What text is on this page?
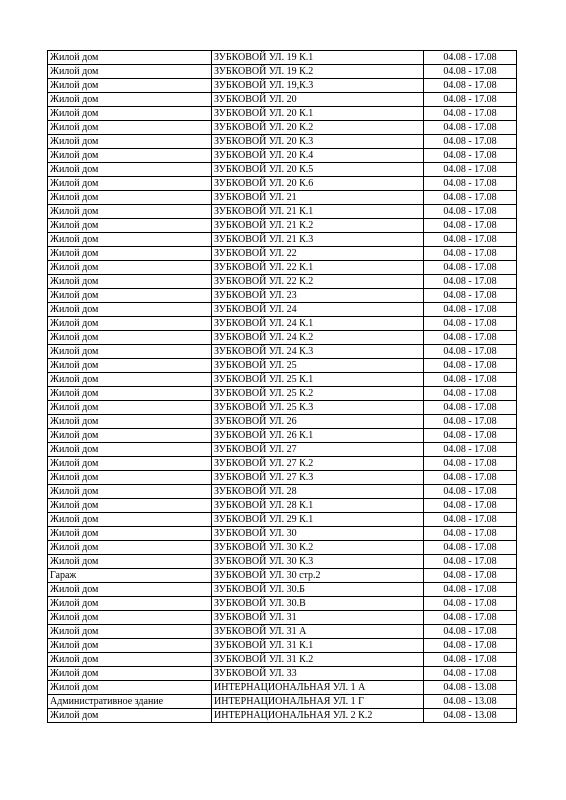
Жилой дом	ЗУБКОВОЙ УЛ. 19 К.1	04.08 - 17.08
Жилой дом	ЗУБКОВОЙ УЛ. 19 К.2	04.08 - 17.08
Жилой дом	ЗУБКОВОЙ УЛ. 19,К.3	04.08 - 17.08
Жилой дом	ЗУБКОВОЙ УЛ. 20	04.08 - 17.08
Жилой дом	ЗУБКОВОЙ УЛ. 20 К.1	04.08 - 17.08
Жилой дом	ЗУБКОВОЙ УЛ. 20 К.2	04.08 - 17.08
Жилой дом	ЗУБКОВОЙ УЛ. 20 К.3	04.08 - 17.08
Жилой дом	ЗУБКОВОЙ УЛ. 20 К.4	04.08 - 17.08
Жилой дом	ЗУБКОВОЙ УЛ. 20 К.5	04.08 - 17.08
Жилой дом	ЗУБКОВОЙ УЛ. 20 К.6	04.08 - 17.08
Жилой дом	ЗУБКОВОЙ УЛ. 21	04.08 - 17.08
Жилой дом	ЗУБКОВОЙ УЛ. 21 К.1	04.08 - 17.08
Жилой дом	ЗУБКОВОЙ УЛ. 21 К.2	04.08 - 17.08
Жилой дом	ЗУБКОВОЙ УЛ. 21 К.3	04.08 - 17.08
Жилой дом	ЗУБКОВОЙ УЛ. 22	04.08 - 17.08
Жилой дом	ЗУБКОВОЙ УЛ. 22 К.1	04.08 - 17.08
Жилой дом	ЗУБКОВОЙ УЛ. 22 К.2	04.08 - 17.08
Жилой дом	ЗУБКОВОЙ УЛ. 23	04.08 - 17.08
Жилой дом	ЗУБКОВОЙ УЛ. 24	04.08 - 17.08
Жилой дом	ЗУБКОВОЙ УЛ. 24 К.1	04.08 - 17.08
Жилой дом	ЗУБКОВОЙ УЛ. 24 К.2	04.08 - 17.08
Жилой дом	ЗУБКОВОЙ УЛ. 24 К.3	04.08 - 17.08
Жилой дом	ЗУБКОВОЙ УЛ. 25	04.08 - 17.08
Жилой дом	ЗУБКОВОЙ УЛ. 25 К.1	04.08 - 17.08
Жилой дом	ЗУБКОВОЙ УЛ. 25 К.2	04.08 - 17.08
Жилой дом	ЗУБКОВОЙ УЛ. 25 К.3	04.08 - 17.08
Жилой дом	ЗУБКОВОЙ УЛ. 26	04.08 - 17.08
Жилой дом	ЗУБКОВОЙ УЛ. 26 К.1	04.08 - 17.08
Жилой дом	ЗУБКОВОЙ УЛ. 27	04.08 - 17.08
Жилой дом	ЗУБКОВОЙ УЛ. 27 К.2	04.08 - 17.08
Жилой дом	ЗУБКОВОЙ УЛ. 27 К.3	04.08 - 17.08
Жилой дом	ЗУБКОВОЙ УЛ. 28	04.08 - 17.08
Жилой дом	ЗУБКОВОЙ УЛ. 28 К.1	04.08 - 17.08
Жилой дом	ЗУБКОВОЙ УЛ. 29 К.1	04.08 - 17.08
Жилой дом	ЗУБКОВОЙ УЛ. 30	04.08 - 17.08
Жилой дом	ЗУБКОВОЙ УЛ. 30 К.2	04.08 - 17.08
Жилой дом	ЗУБКОВОЙ УЛ. 30 К.3	04.08 - 17.08
Гараж	ЗУБКОВОЙ УЛ. 30 стр.2	04.08 - 17.08
Жилой дом	ЗУБКОВОЙ УЛ. 30.Б	04.08 - 17.08
Жилой дом	ЗУБКОВОЙ УЛ. 30.В	04.08 - 17.08
Жилой дом	ЗУБКОВОЙ УЛ. 31	04.08 - 17.08
Жилой дом	ЗУБКОВОЙ УЛ. 31 А	04.08 - 17.08
Жилой дом	ЗУБКОВОЙ УЛ. 31 К.1	04.08 - 17.08
Жилой дом	ЗУБКОВОЙ УЛ. 31 К.2	04.08 - 17.08
Жилой дом	ЗУБКОВОЙ УЛ. 33	04.08 - 17.08
Жилой дом	ИНТЕРНАЦИОНАЛЬНАЯ УЛ. 1 А	04.08 - 13.08
Административное здание	ИНТЕРНАЦИОНАЛЬНАЯ УЛ. 1 Г	04.08 - 13.08
Жилой дом	ИНТЕРНАЦИОНАЛЬНАЯ УЛ. 2 К.2	04.08 - 13.08
